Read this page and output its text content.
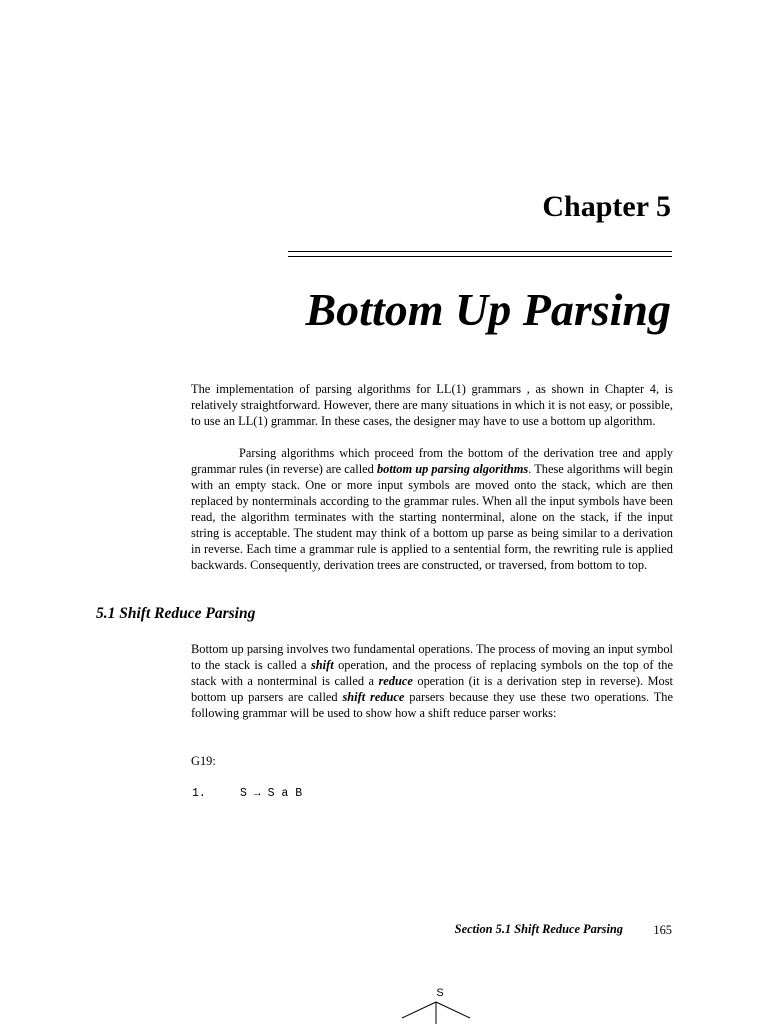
Chapter 5
Bottom Up Parsing

The implementation of parsing algorithms for LL(1) grammars , as shown in Chapter 4, is relatively straightforward. However, there are many situations in which it is not easy, or possible, to use an LL(1) grammar. In these cases, the designer may have to use a bottom up algorithm.

Parsing algorithms which proceed from the bottom of the derivation tree and apply grammar rules (in reverse) are called bottom up parsing algorithms. These algorithms will begin with an empty stack. One or more input symbols are moved onto the stack, which are then replaced by nonterminals according to the grammar rules. When all the input symbols have been read, the algorithm terminates with the starting nonterminal, alone on the stack, if the input string is acceptable. The student may think of a bottom up parse as being similar to a derivation in reverse. Each time a grammar rule is applied to a sentential form, the rewriting rule is applied backwards. Consequently, derivation trees are constructed, or traversed, from bottom to top.

5.1 Shift Reduce Parsing

Bottom up parsing involves two fundamental operations. The process of moving an input symbol to the stack is called a shift operation, and the process of replacing symbols on the top of the stack with a nonterminal is called a reduce operation (it is a derivation step in reverse). Most bottom up parsers are called shift reduce parsers because they use these two operations. The following grammar will be used to show how a shift reduce parser works:

G19:
1.	S → S a B
Section 5.1 Shift Reduce Parsing 165
S
